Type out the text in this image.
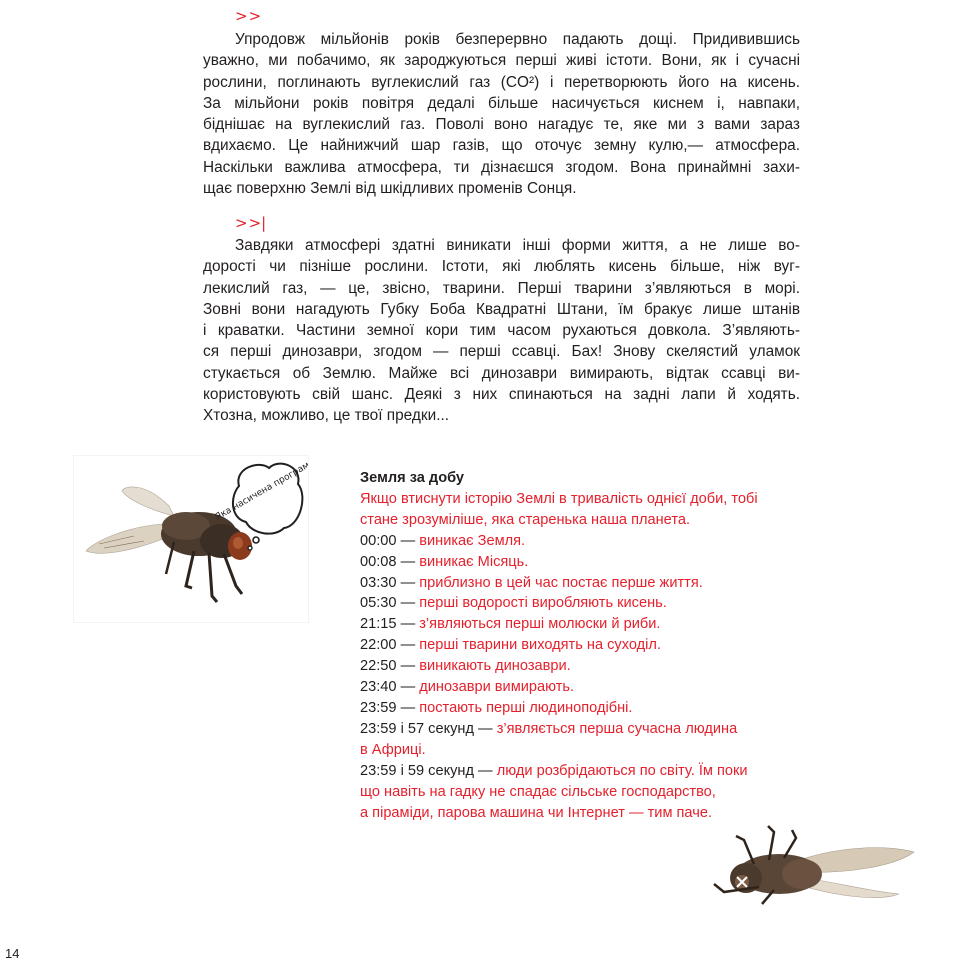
>>
Упродовж мільйонів років безперервно падають дощі. Придивившись
уважно, ми побачимо, як зароджуються перші живі істоти. Вони, як і сучасні
рослини, поглинають вуглекислий газ (CO²) і перетворюють його на кисень.
За мільйони років повітря дедалі більше насичується киснем і, навпаки,
біднішає на вуглекислий газ. Поволі воно нагадує те, яке ми з вами зараз
вдихаємо. Це найнижчий шар газів, що оточує земну кулю,— атмосфера.
Наскільки важлива атмосфера, ти дізнаєшся згодом. Вона принаймні захи-
щає поверхню Землі від шкідливих променів Сонця.
>>|
Завдяки атмосфері здатні виникати інші форми життя, а не лише во-
дорості чи пізніше рослини. Істоти, які люблять кисень більше, ніж вуг-
лекислий газ, — це, звісно, тварини. Перші тварини з’являються в морі.
Зовні вони нагадують Губку Боба Квадратні Штани, їм бракує лише штанів
і краватки. Частини земної кори тим часом рухаються довкола. З’являють-
ся перші динозаври, згодом — перші ссавці. Бах! Знову скелястий уламок
стукається об Землю. Майже всі динозаври вимирають, відтак ссавці ви-
користовують свій шанс. Деякі з них спинаються на задні лапи й ходять.
Хтозна, можливо, це твої предки...
Яка насичена програма	Земля за добу
Якщо втиснути історію Землі в тривалість однієї доби, тобі
стане зрозуміліше, яка старенька наша планета.
00:00 — виникає Земля.
00:08 — виникає Місяць.
03:30 — приблизно в цей час постає перше життя.
05:30 — перші водорості виробляють кисень.
21:15 — з’являються перші молюски й риби.
22:00 — перші тварини виходять на суходіл.
22:50 — виникають динозаври.
23:40 — динозаври вимирають.
23:59 — постають перші людиноподібні.
23:59 і 57 секунд — з’являється перша сучасна людина
в Африці.
23:59 і 59 секунд — люди розбрідаються по світу. Їм поки
що навіть на гадку не спадає сільське господарство,
а піраміди, парова машина чи Інтернет — тим паче.
14
